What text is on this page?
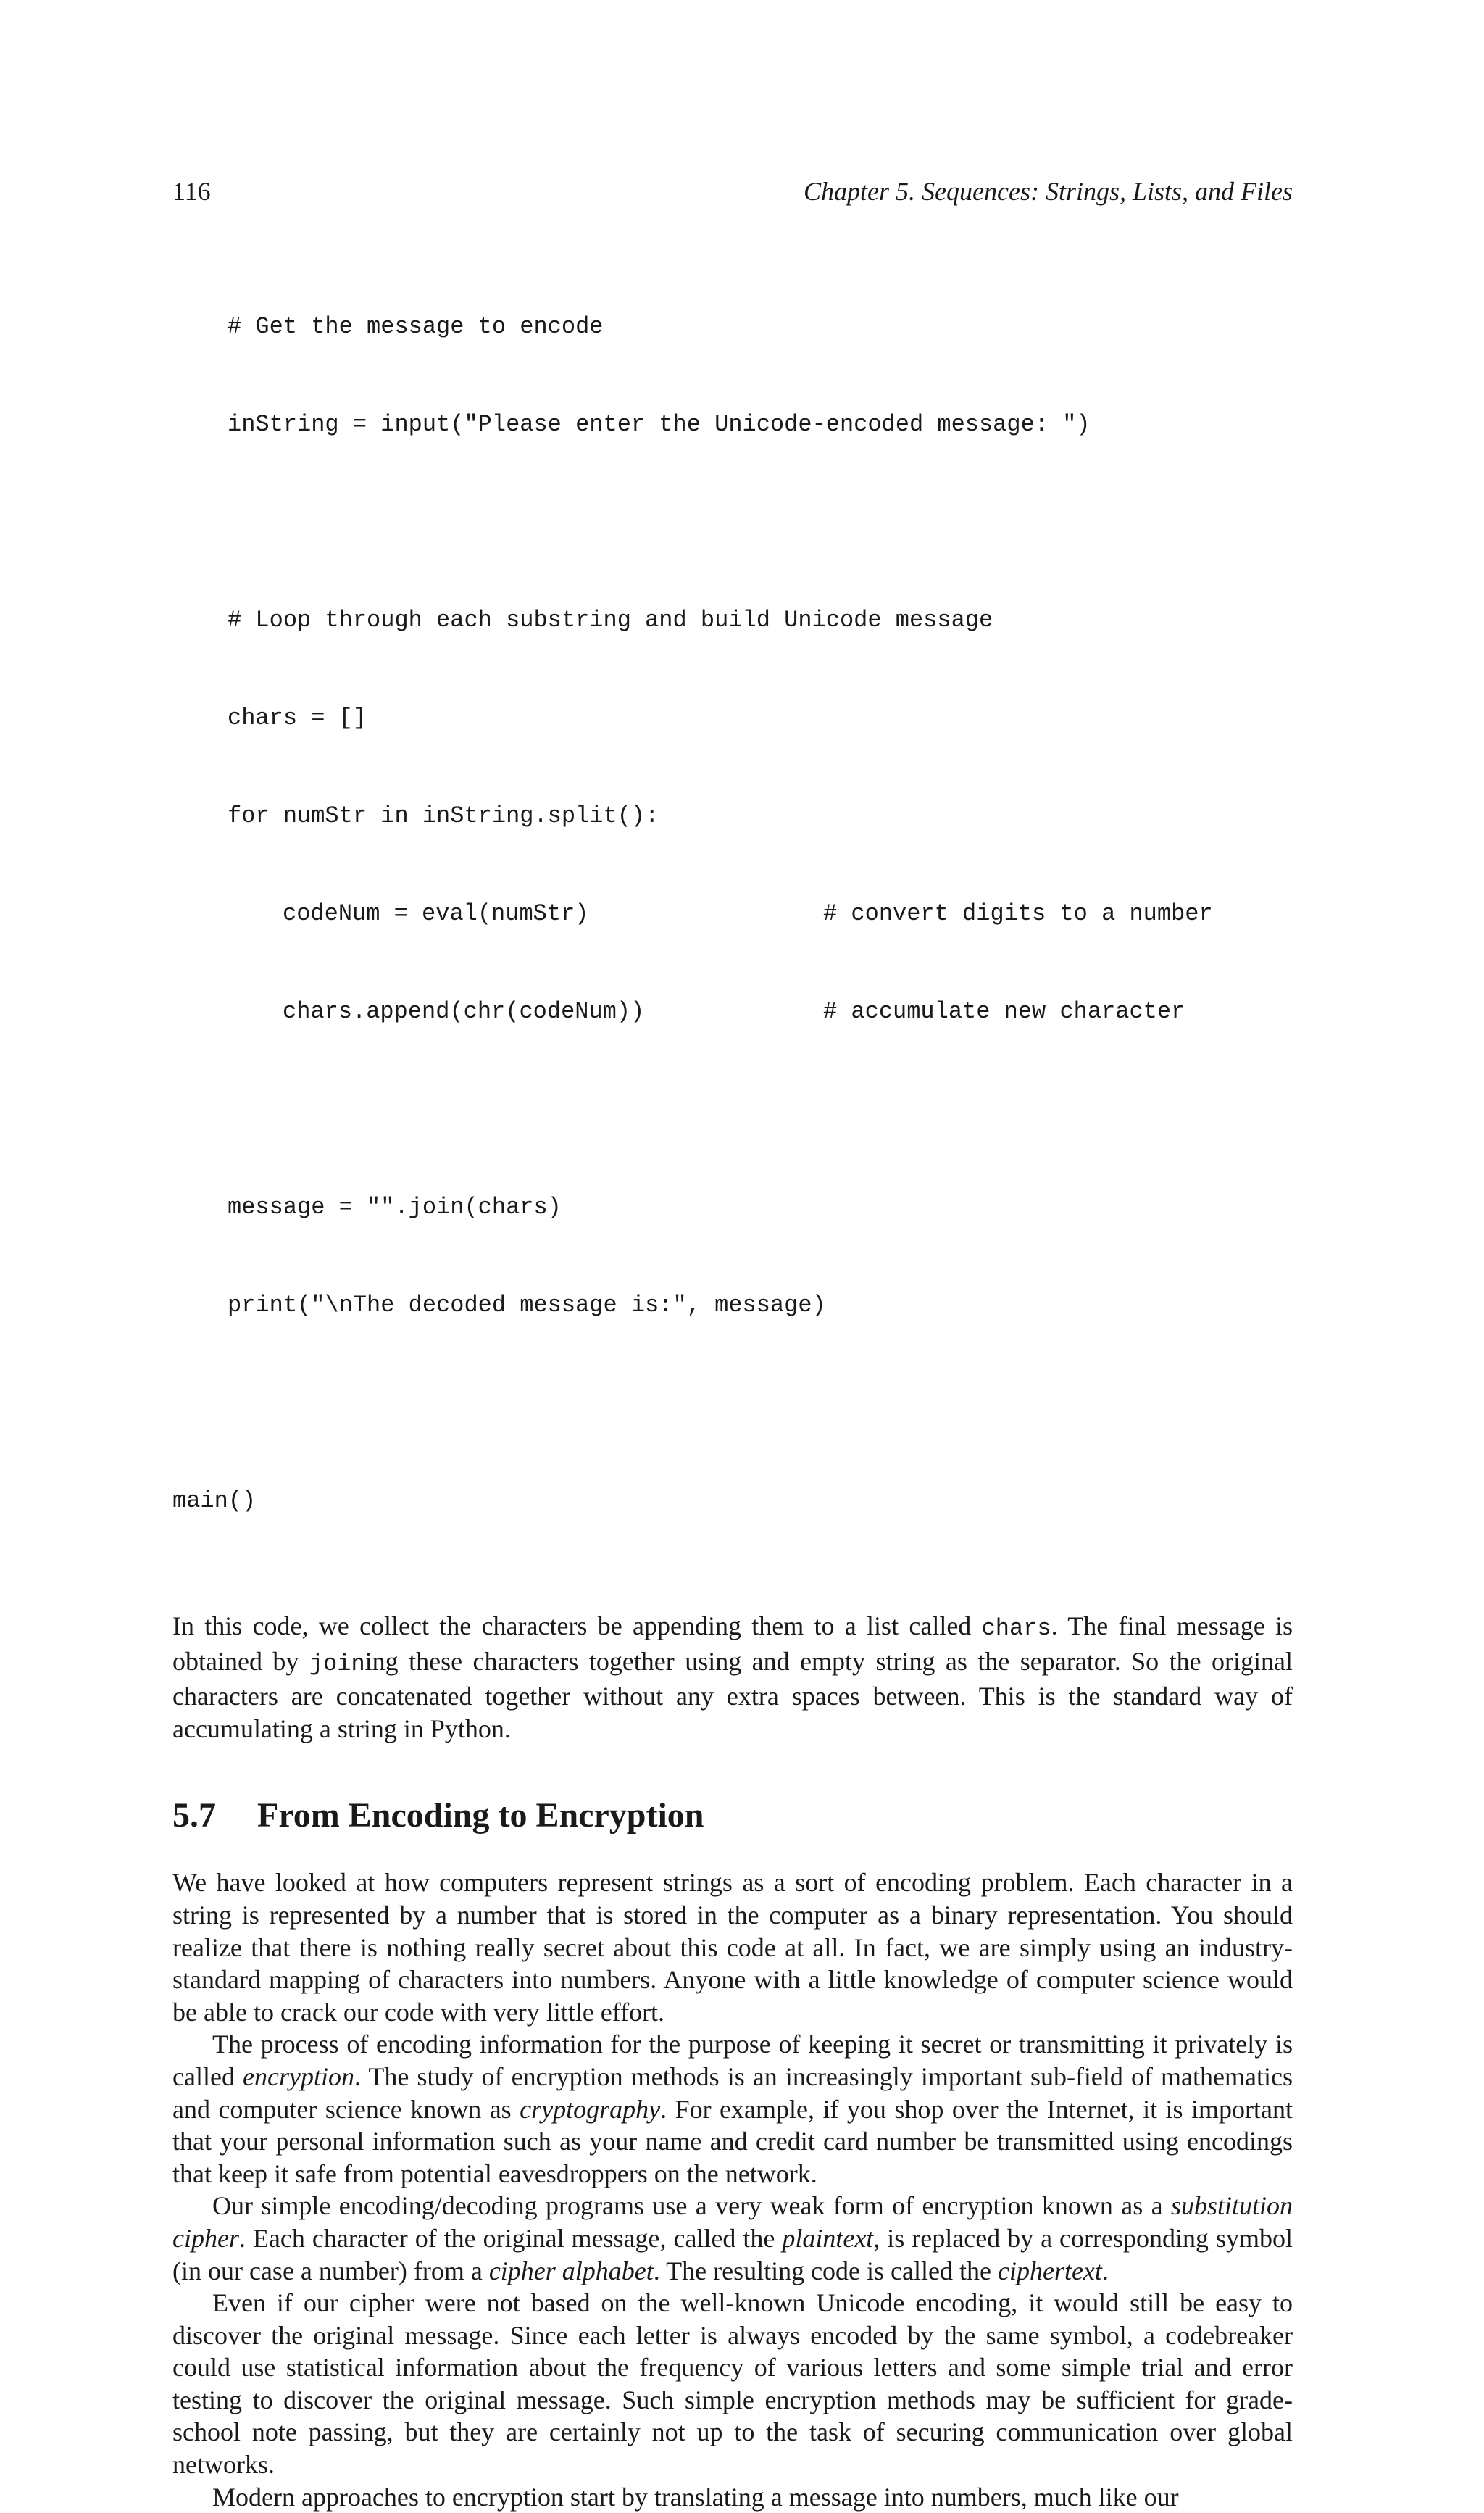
116	Chapter 5. Sequences: Strings, Lists, and Files

# Get the message to encode

inString = input("Please enter the Unicode-encoded message: ")

# Loop through each substring and build Unicode message

chars = []

for numStr in inString.split():

codeNum = eval(numStr)	# convert digits to a number

chars.append(chr(codeNum))	# accumulate new character

message = "".join(chars)

print("\nThe decoded message is:", message)

main()

In this code, we collect the characters be appending them to a list called chars. The final message is obtained by joining these characters together using and empty string as the separator. So the original characters are concatenated together without any extra spaces between. This is the standard way of accumulating a string in Python.

5.7	From Encoding to Encryption

We have looked at how computers represent strings as a sort of encoding problem. Each character in a string is represented by a number that is stored in the computer as a binary representation. You should realize that there is nothing really secret about this code at all. In fact, we are simply using an industry-standard mapping of characters into numbers. Anyone with a little knowledge of computer science would be able to crack our code with very little effort.

The process of encoding information for the purpose of keeping it secret or transmitting it privately is called encryption. The study of encryption methods is an increasingly important sub-field of mathematics and computer science known as cryptography. For example, if you shop over the Internet, it is important that your personal information such as your name and credit card number be transmitted using encodings that keep it safe from potential eavesdroppers on the network.

Our simple encoding/decoding programs use a very weak form of encryption known as a substitution cipher. Each character of the original message, called the plaintext, is replaced by a corresponding symbol (in our case a number) from a cipher alphabet. The resulting code is called the ciphertext.

Even if our cipher were not based on the well-known Unicode encoding, it would still be easy to discover the original message. Since each letter is always encoded by the same symbol, a codebreaker could use statistical information about the frequency of various letters and some simple trial and error testing to discover the original message. Such simple encryption methods may be sufficient for grade-school note passing, but they are certainly not up to the task of securing communication over global networks.

Modern approaches to encryption start by translating a message into numbers, much like our
